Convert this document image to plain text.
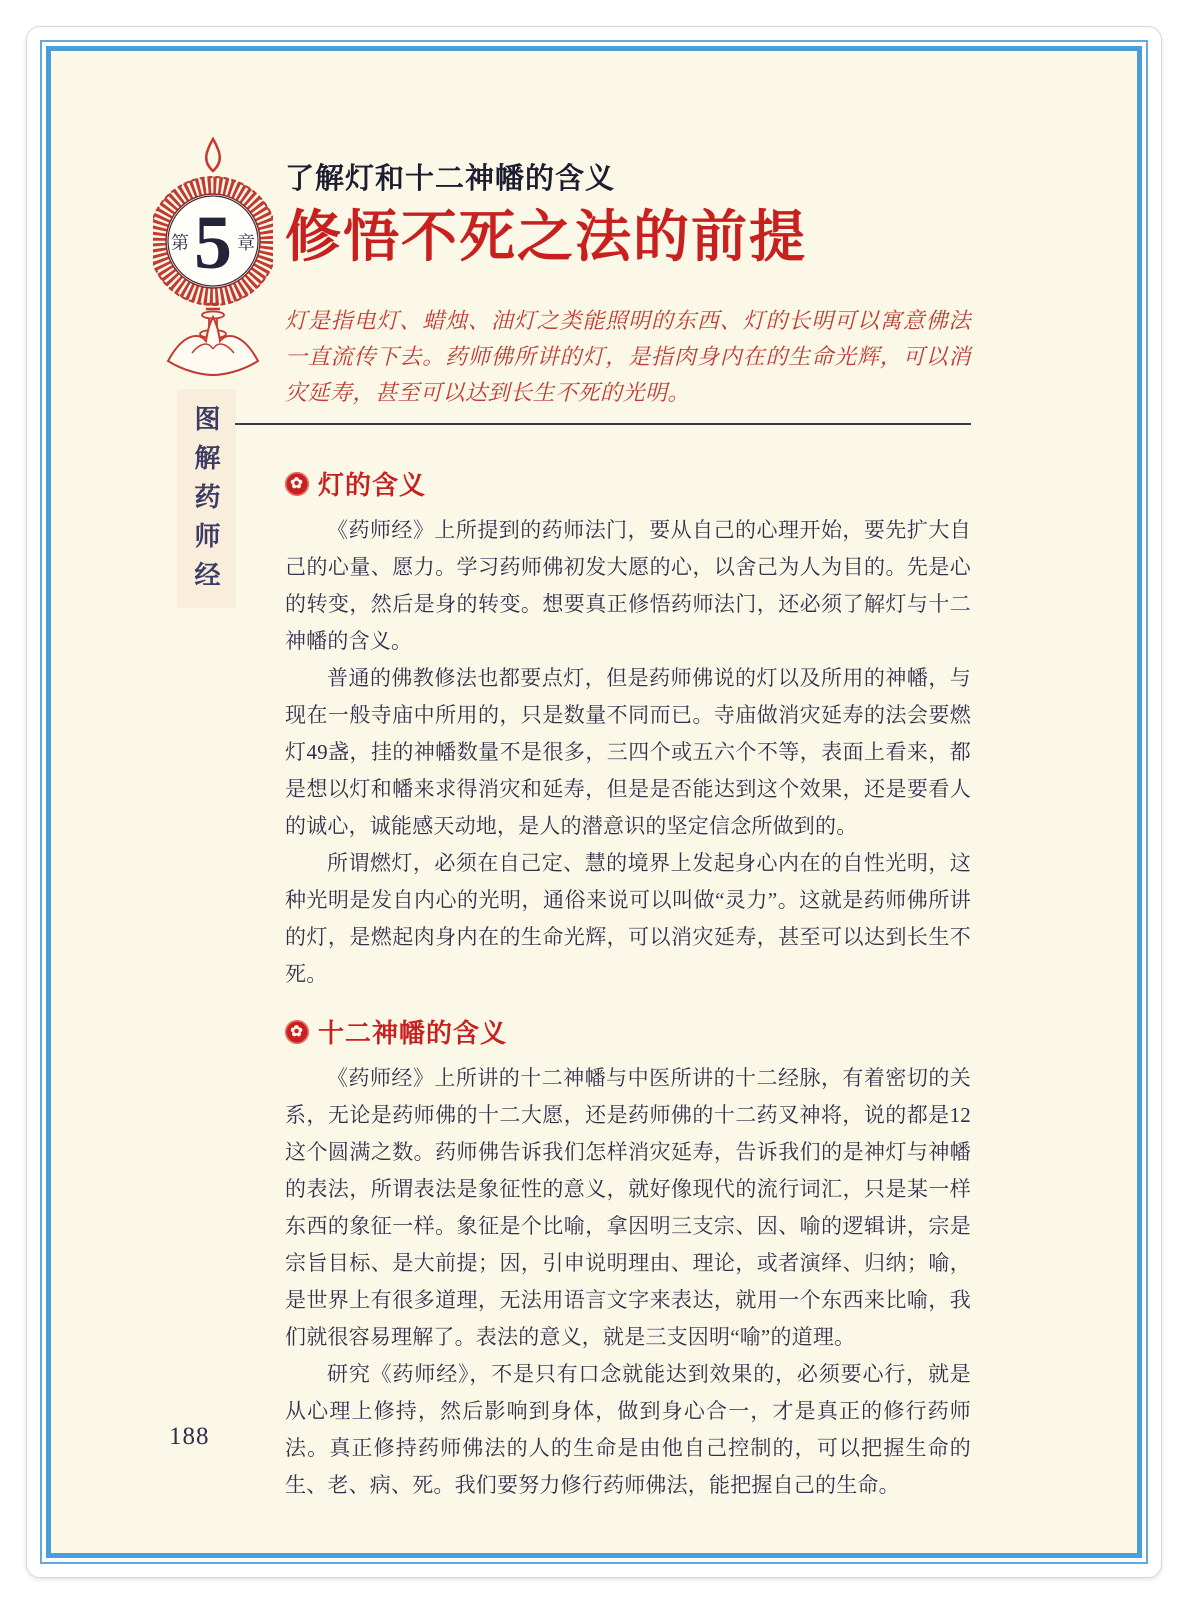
第 5 章
图解药师经
了解灯和十二神幡的含义
修悟不死之法的前提

灯是指电灯、蜡烛、油灯之类能照明的东西、灯的长明可以寓意佛法一直流传下去。药师佛所讲的灯，是指肉身内在的生命光辉，可以消灾延寿，甚至可以达到长生不死的光明。

✿ 灯的含义

《药师经》上所提到的药师法门，要从自己的心理开始，要先扩大自己的心量、愿力。学习药师佛初发大愿的心，以舍己为人为目的。先是心的转变，然后是身的转变。想要真正修悟药师法门，还必须了解灯与十二神幡的含义。

普通的佛教修法也都要点灯，但是药师佛说的灯以及所用的神幡，与现在一般寺庙中所用的，只是数量不同而已。寺庙做消灾延寿的法会要燃灯49盏，挂的神幡数量不是很多，三四个或五六个不等，表面上看来，都是想以灯和幡来求得消灾和延寿，但是是否能达到这个效果，还是要看人的诚心，诚能感天动地，是人的潜意识的坚定信念所做到的。

所谓燃灯，必须在自己定、慧的境界上发起身心内在的自性光明，这种光明是发自内心的光明，通俗来说可以叫做“灵力”。这就是药师佛所讲的灯，是燃起肉身内在的生命光辉，可以消灾延寿，甚至可以达到长生不死。

✿ 十二神幡的含义

《药师经》上所讲的十二神幡与中医所讲的十二经脉，有着密切的关系，无论是药师佛的十二大愿，还是药师佛的十二药叉神将，说的都是12这个圆满之数。药师佛告诉我们怎样消灾延寿，告诉我们的是神灯与神幡的表法，所谓表法是象征性的意义，就好像现代的流行词汇，只是某一样东西的象征一样。象征是个比喻，拿因明三支宗、因、喻的逻辑讲，宗是宗旨目标、是大前提；因，引申说明理由、理论，或者演绎、归纳；喻，是世界上有很多道理，无法用语言文字来表达，就用一个东西来比喻，我们就很容易理解了。表法的意义，就是三支因明“喻”的道理。

研究《药师经》，不是只有口念就能达到效果的，必须要心行，就是从心理上修持，然后影响到身体，做到身心合一，才是真正的修行药师法。真正修持药师佛法的人的生命是由他自己控制的，可以把握生命的生、老、病、死。我们要努力修行药师佛法，能把握自己的生命。

188
